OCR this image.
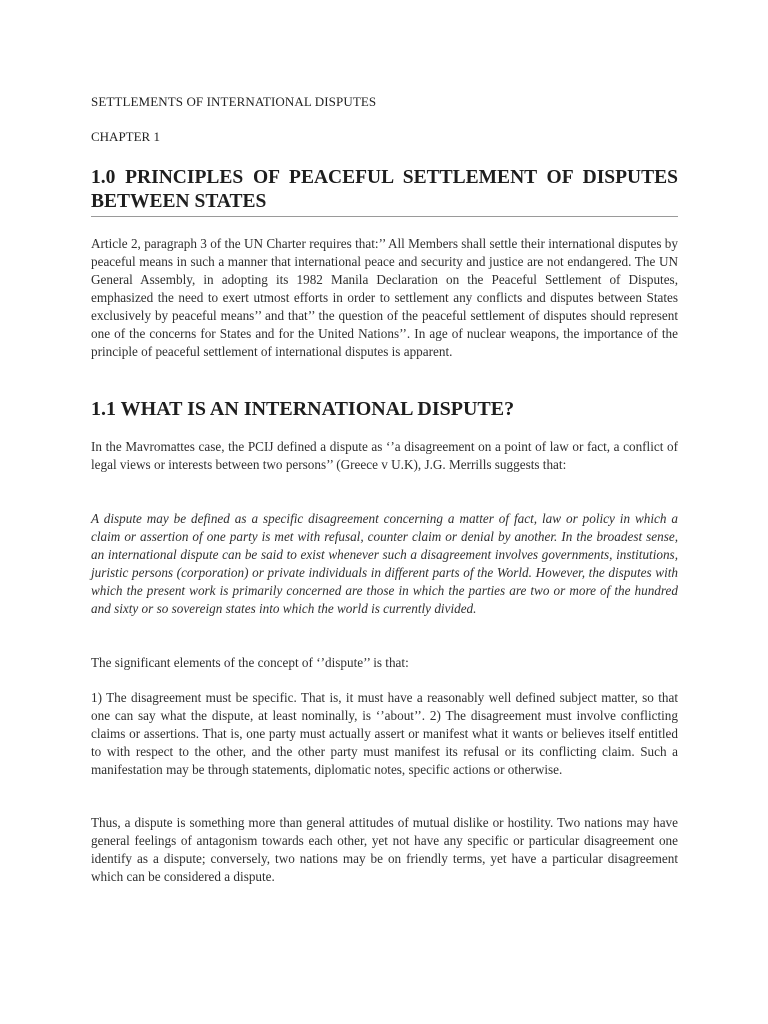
SETTLEMENTS OF INTERNATIONAL DISPUTES
CHAPTER 1
1.0 PRINCIPLES OF PEACEFUL SETTLEMENT OF DISPUTES BETWEEN STATES

Article 2, paragraph 3 of the UN Charter requires that:’’ All Members shall settle their international disputes by peaceful means in such a manner that international peace and security and justice are not endangered. The UN General Assembly, in adopting its 1982 Manila Declaration on the Peaceful Settlement of Disputes, emphasized the need to exert utmost efforts in order to settlement any conflicts and disputes between States exclusively by peaceful means’’ and that’’ the question of the peaceful settlement of disputes should represent one of the concerns for States and for the United Nations’’. In age of nuclear weapons, the importance of the principle of peaceful settlement of international disputes is apparent.

1.1 WHAT IS AN INTERNATIONAL DISPUTE?

In the Mavromattes case, the PCIJ defined a dispute as ‘’a disagreement on a point of law or fact, a conflict of legal views or interests between two persons’’ (Greece v U.K), J.G. Merrills suggests that:

A dispute may be defined as a specific disagreement concerning a matter of fact, law or policy in which a claim or assertion of one party is met with refusal, counter claim or denial by another. In the broadest sense, an international dispute can be said to exist whenever such a disagreement involves governments, institutions, juristic persons (corporation) or private individuals in different parts of the World. However, the disputes with which the present work is primarily concerned are those in which the parties are two or more of the hundred and sixty or so sovereign states into which the world is currently divided.

The significant elements of the concept of ‘’dispute’’ is that:

1) The disagreement must be specific. That is, it must have a reasonably well defined subject matter, so that one can say what the dispute, at least nominally, is ‘’about’’. 2) The disagreement must involve conflicting claims or assertions. That is, one party must actually assert or manifest what it wants or believes itself entitled to with respect to the other, and the other party must manifest its refusal or its conflicting claim. Such a manifestation may be through statements, diplomatic notes, specific actions or otherwise.

Thus, a dispute is something more than general attitudes of mutual dislike or hostility. Two nations may have general feelings of antagonism towards each other, yet not have any specific or particular disagreement one identify as a dispute; conversely, two nations may be on friendly terms, yet have a particular disagreement which can be considered a dispute.
